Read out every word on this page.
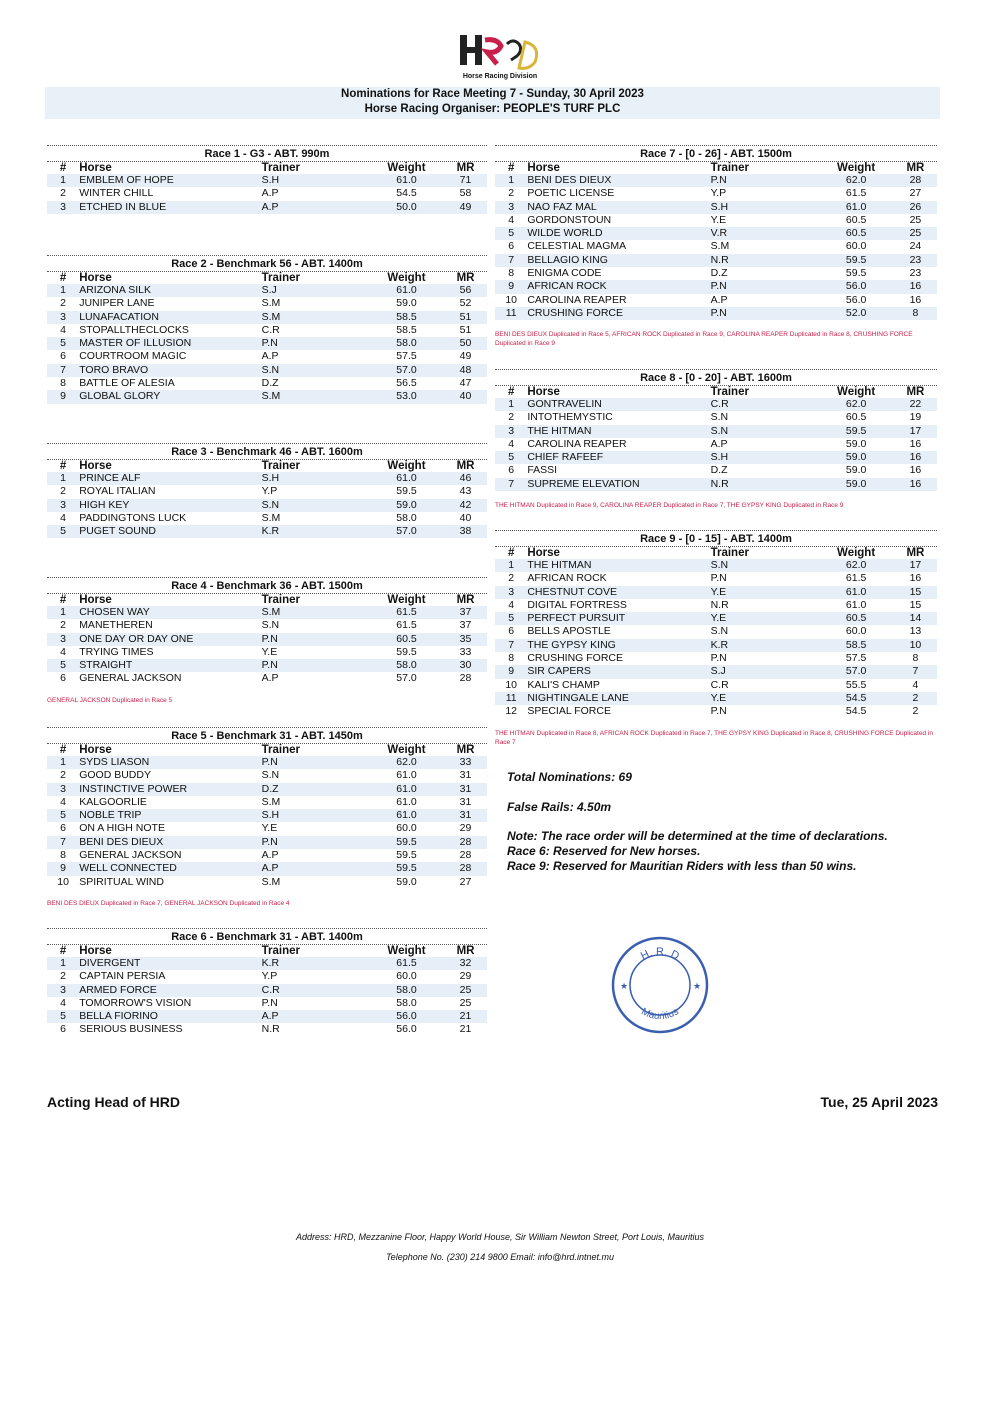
Horse Racing Division
Nominations for Race Meeting 7 - Sunday, 30 April 2023
Horse Racing Organiser: PEOPLE'S TURF PLC
Race 1 - G3 - ABT. 990m
#	Horse	Trainer	Weight	MR
1	EMBLEM OF HOPE	S.H	61.0	71
2	WINTER CHILL	A.P	54.5	58
3	ETCHED IN BLUE	A.P	50.0	49
Race 2 - Benchmark 56 - ABT. 1400m
#	Horse	Trainer	Weight	MR
1	ARIZONA SILK	S.J	61.0	56
2	JUNIPER LANE	S.M	59.0	52
3	LUNAFACATION	S.M	58.5	51
4	STOPALLTHECLOCKS	C.R	58.5	51
5	MASTER OF ILLUSION	P.N	58.0	50
6	COURTROOM MAGIC	A.P	57.5	49
7	TORO BRAVO	S.N	57.0	48
8	BATTLE OF ALESIA	D.Z	56.5	47
9	GLOBAL GLORY	S.M	53.0	40
Race 3 - Benchmark 46 - ABT. 1600m
#	Horse	Trainer	Weight	MR
1	PRINCE ALF	S.H	61.0	46
2	ROYAL ITALIAN	Y.P	59.5	43
3	HIGH KEY	S.N	59.0	42
4	PADDINGTONS LUCK	S.M	58.0	40
5	PUGET SOUND	K.R	57.0	38
Race 4 - Benchmark 36 - ABT. 1500m
#	Horse	Trainer	Weight	MR
1	CHOSEN WAY	S.M	61.5	37
2	MANETHEREN	S.N	61.5	37
3	ONE DAY OR DAY ONE	P.N	60.5	35
4	TRYING TIMES	Y.E	59.5	33
5	STRAIGHT	P.N	58.0	30
6	GENERAL JACKSON	A.P	57.0	28
GENERAL JACKSON Duplicated in Race 5
Race 5 - Benchmark 31 - ABT. 1450m
#	Horse	Trainer	Weight	MR
1	SYDS LIASON	P.N	62.0	33
2	GOOD BUDDY	S.N	61.0	31
3	INSTINCTIVE POWER	D.Z	61.0	31
4	KALGOORLIE	S.M	61.0	31
5	NOBLE TRIP	S.H	61.0	31
6	ON A HIGH NOTE	Y.E	60.0	29
7	BENI DES DIEUX	P.N	59.5	28
8	GENERAL JACKSON	A.P	59.5	28
9	WELL CONNECTED	A.P	59.5	28
10	SPIRITUAL WIND	S.M	59.0	27
BENI DES DIEUX Duplicated in Race 7, GENERAL JACKSON Duplicated in Race 4
Race 6 - Benchmark 31 - ABT. 1400m
#	Horse	Trainer	Weight	MR
1	DIVERGENT	K.R	61.5	32
2	CAPTAIN PERSIA	Y.P	60.0	29
3	ARMED FORCE	C.R	58.0	25
4	TOMORROW'S VISION	P.N	58.0	25
5	BELLA FIORINO	A.P	56.0	21
6	SERIOUS BUSINESS	N.R	56.0	21
Race 7 - [0 - 26] - ABT. 1500m
#	Horse	Trainer	Weight	MR
1	BENI DES DIEUX	P.N	62.0	28
2	POETIC LICENSE	Y.P	61.5	27
3	NAO FAZ MAL	S.H	61.0	26
4	GORDONSTOUN	Y.E	60.5	25
5	WILDE WORLD	V.R	60.5	25
6	CELESTIAL MAGMA	S.M	60.0	24
7	BELLAGIO KING	N.R	59.5	23
8	ENIGMA CODE	D.Z	59.5	23
9	AFRICAN ROCK	P.N	56.0	16
10	CAROLINA REAPER	A.P	56.0	16
11	CRUSHING FORCE	P.N	52.0	8
BENI DES DIEUX Duplicated in Race 5, AFRICAN ROCK Duplicated in Race 9, CAROLINA REAPER Duplicated in Race 8, CRUSHING FORCE Duplicated in Race 9
Race 8 - [0 - 20] - ABT. 1600m
#	Horse	Trainer	Weight	MR
1	GONTRAVELIN	C.R	62.0	22
2	INTOTHEMYSTIC	S.N	60.5	19
3	THE HITMAN	S.N	59.5	17
4	CAROLINA REAPER	A.P	59.0	16
5	CHIEF RAFEEF	S.H	59.0	16
6	FASSI	D.Z	59.0	16
7	SUPREME ELEVATION	N.R	59.0	16
THE HITMAN Duplicated in Race 9, CAROLINA REAPER Duplicated in Race 7, THE GYPSY KING Duplicated in Race 9
Race 9 - [0 - 15] - ABT. 1400m
#	Horse	Trainer	Weight	MR
1	THE HITMAN	S.N	62.0	17
2	AFRICAN ROCK	P.N	61.5	16
3	CHESTNUT COVE	Y.E	61.0	15
4	DIGITAL FORTRESS	N.R	61.0	15
5	PERFECT PURSUIT	Y.E	60.5	14
6	BELLS APOSTLE	S.N	60.0	13
7	THE GYPSY KING	K.R	58.5	10
8	CRUSHING FORCE	P.N	57.5	8
9	SIR CAPERS	S.J	57.0	7
10	KALI'S CHAMP	C.R	55.5	4
11	NIGHTINGALE LANE	Y.E	54.5	2
12	SPECIAL FORCE	P.N	54.5	2
THE HITMAN Duplicated in Race 8, AFRICAN ROCK Duplicated in Race 7, THE GYPSY KING Duplicated in Race 8, CRUSHING FORCE Duplicated in Race 7
Total Nominations: 69
False Rails: 4.50m
Note: The race order will be determined at the time of declarations.
Race 6: Reserved for New horses.
Race 9: Reserved for Mauritian Riders with less than 50 wins.
H. R. D
Mauritius
★	★
Acting Head of HRD	Tue, 25 April 2023
Address: HRD, Mezzanine Floor, Happy World House, Sir William Newton Street, Port Louis, Mauritius
Telephone No. (230) 214 9800 Email: info@hrd.intnet.mu
